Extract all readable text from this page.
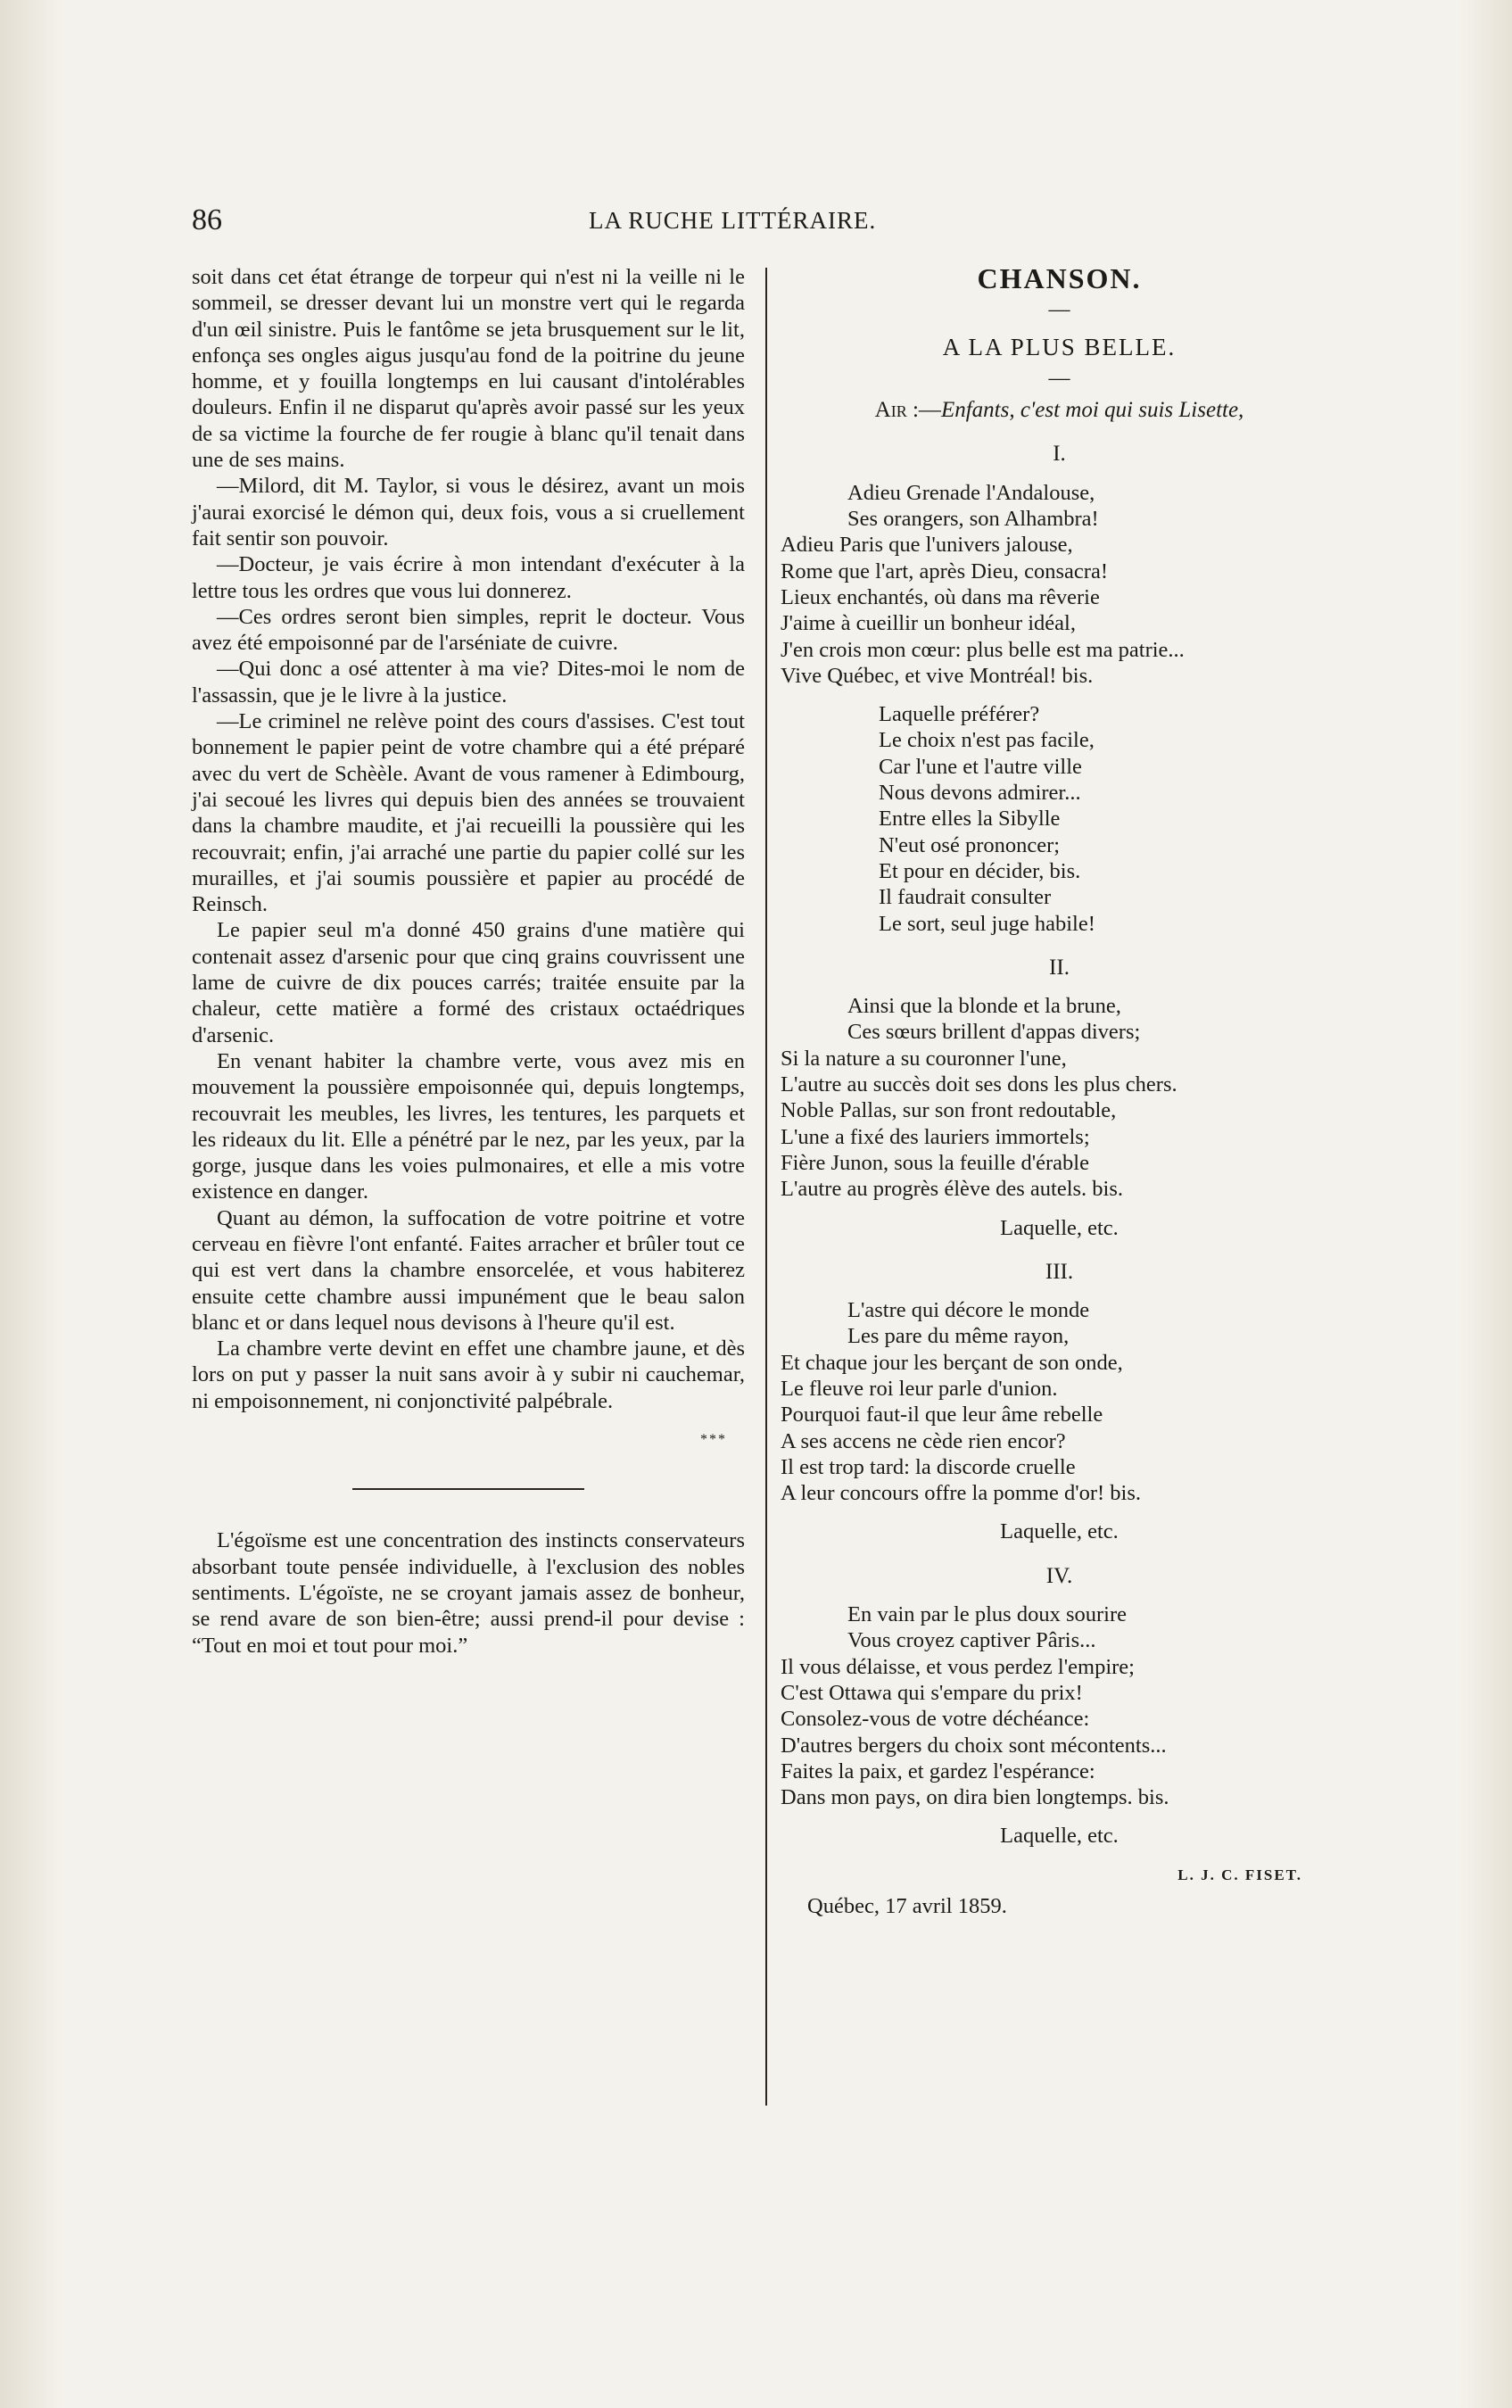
86	LA RUCHE LITTÉRAIRE.

soit dans cet état étrange de torpeur qui n'est ni la veille ni le sommeil, se dresser devant lui un monstre vert qui le regarda d'un œil sinistre. Puis le fantôme se jeta brusquement sur le lit, enfonça ses ongles aigus jusqu'au fond de la poitrine du jeune homme, et y fouilla longtemps en lui causant d'intolérables douleurs. Enfin il ne disparut qu'après avoir passé sur les yeux de sa victime la fourche de fer rougie à blanc qu'il tenait dans une de ses mains.

—Milord, dit M. Taylor, si vous le désirez, avant un mois j'aurai exorcisé le démon qui, deux fois, vous a si cruellement fait sentir son pouvoir.

—Docteur, je vais écrire à mon intendant d'exécuter à la lettre tous les ordres que vous lui donnerez.

—Ces ordres seront bien simples, reprit le docteur. Vous avez été empoisonné par de l'arséniate de cuivre.

—Qui donc a osé attenter à ma vie? Dites-moi le nom de l'assassin, que je le livre à la justice.

—Le criminel ne relève point des cours d'assises. C'est tout bonnement le papier peint de votre chambre qui a été préparé avec du vert de Schèèle. Avant de vous ramener à Edimbourg, j'ai secoué les livres qui depuis bien des années se trouvaient dans la chambre maudite, et j'ai recueilli la poussière qui les recouvrait; enfin, j'ai arraché une partie du papier collé sur les murailles, et j'ai soumis poussière et papier au procédé de Reinsch.

Le papier seul m'a donné 450 grains d'une matière qui contenait assez d'arsenic pour que cinq grains couvrissent une lame de cuivre de dix pouces carrés; traitée ensuite par la chaleur, cette matière a formé des cristaux octaédriques d'arsenic.

En venant habiter la chambre verte, vous avez mis en mouvement la poussière empoisonnée qui, depuis longtemps, recouvrait les meubles, les livres, les tentures, les parquets et les rideaux du lit. Elle a pénétré par le nez, par les yeux, par la gorge, jusque dans les voies pulmonaires, et elle a mis votre existence en danger.

Quant au démon, la suffocation de votre poitrine et votre cerveau en fièvre l'ont enfanté. Faites arracher et brûler tout ce qui est vert dans la chambre ensorcelée, et vous habiterez ensuite cette chambre aussi impunément que le beau salon blanc et or dans lequel nous devisons à l'heure qu'il est.

La chambre verte devint en effet une chambre jaune, et dès lors on put y passer la nuit sans avoir à y subir ni cauchemar, ni empoisonnement, ni conjonctivité palpébrale.

***

L'égoïsme est une concentration des instincts conservateurs absorbant toute pensée individuelle, à l'exclusion des nobles sentiments. L'égoïste, ne se croyant jamais assez de bonheur, se rend avare de son bien-être; aussi prend-il pour devise : “Tout en moi et tout pour moi.”

CHANSON.
—
A LA PLUS BELLE.
—
Air :—Enfants, c'est moi qui suis Lisette,
I.
Adieu Grenade l'Andalouse,
Ses orangers, son Alhambra!
Adieu Paris que l'univers jalouse,
Rome que l'art, après Dieu, consacra!
Lieux enchantés, où dans ma rêverie
J'aime à cueillir un bonheur idéal,
J'en crois mon cœur: plus belle est ma patrie...
Vive Québec, et vive Montréal! bis.
Laquelle préférer?
Le choix n'est pas facile,
Car l'une et l'autre ville
Nous devons admirer...
Entre elles la Sibylle
N'eut osé prononcer;
Et pour en décider, bis.
Il faudrait consulter
Le sort, seul juge habile!
II.
Ainsi que la blonde et la brune,
Ces sœurs brillent d'appas divers;
Si la nature a su couronner l'une,
L'autre au succès doit ses dons les plus chers.
Noble Pallas, sur son front redoutable,
L'une a fixé des lauriers immortels;
Fière Junon, sous la feuille d'érable
L'autre au progrès élève des autels. bis.
Laquelle, etc.
III.
L'astre qui décore le monde
Les pare du même rayon,
Et chaque jour les berçant de son onde,
Le fleuve roi leur parle d'union.
Pourquoi faut-il que leur âme rebelle
A ses accens ne cède rien encor?
Il est trop tard: la discorde cruelle
A leur concours offre la pomme d'or! bis.
Laquelle, etc.
IV.
En vain par le plus doux sourire
Vous croyez captiver Pâris...
Il vous délaisse, et vous perdez l'empire;
C'est Ottawa qui s'empare du prix!
Consolez-vous de votre déchéance:
D'autres bergers du choix sont mécontents...
Faites la paix, et gardez l'espérance:
Dans mon pays, on dira bien longtemps. bis.
Laquelle, etc.
L. J. C. FISET.
Québec, 17 avril 1859.
